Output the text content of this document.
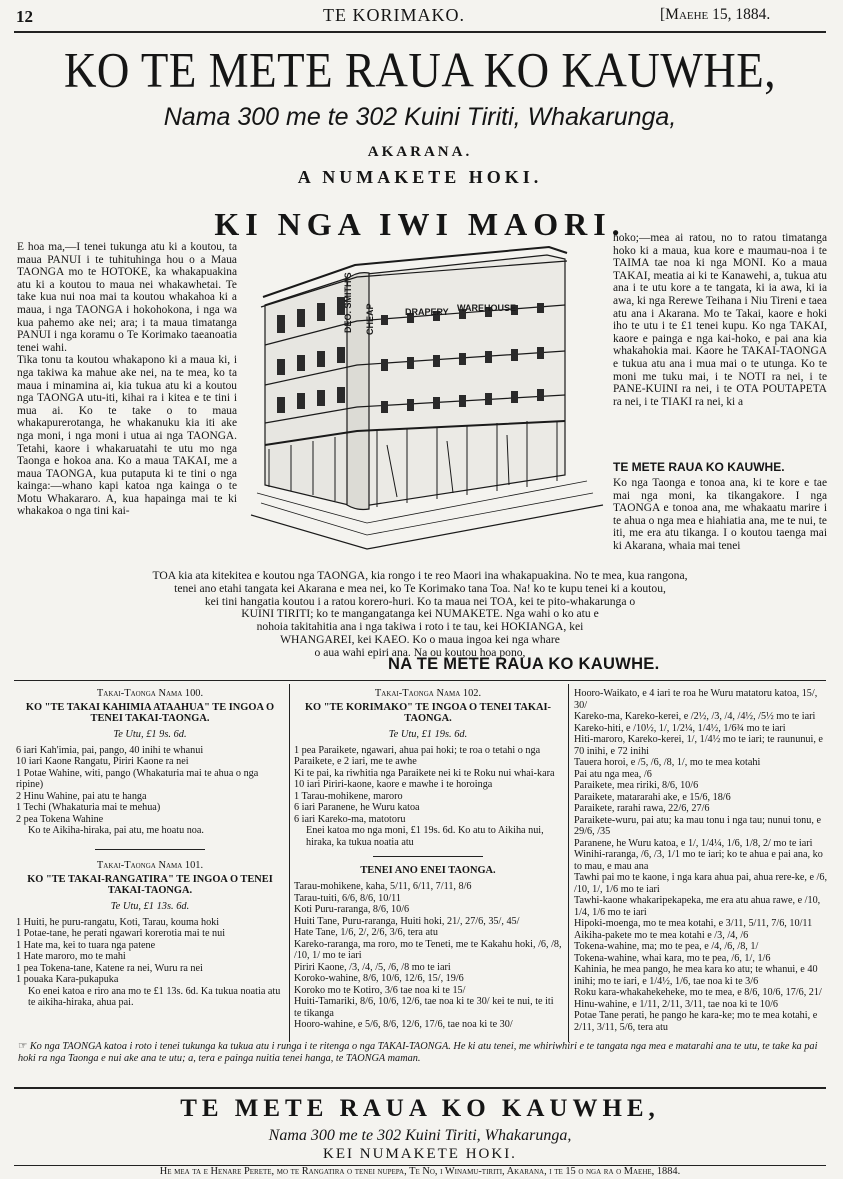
12	TE KORIMAKO.	[Maehe 15, 1884.
KO TE METE RAUA KO KAUWHE,
Nama 300 me te 302 Kuini Tiriti, Whakarunga,
AKARANA.
A NUMAKETE HOKI.
KI NGA IWI MAORI.
E hoa ma,—I tenei tukunga atu ki a koutou, ta maua PANUI i te tuhituhinga hou o a Maua TAONGA mo te HOTOKE, ka whakapuakina atu ki a koutou to maua nei whakawhetai. Te take kua nui noa mai ta koutou whakahoa ki a maua, i nga TAONGA i hokohokona, i nga wa kua pahemo ake nei; ara; i ta maua timatanga PANUI i nga koramu o Te Korimako taeanoatia tenei wahi.
Tika tonu ta koutou whakapono ki a maua ki, i nga takiwa ka mahue ake nei, na te mea, ko ta maua i minamina ai, kia tukua atu ki a koutou nga TAONGA utu-iti, kihai ra i kitea e te tini i mua ai. Ko te take o to maua whakapurerotanga, he whakanuku kia iti ake nga moni, i nga moni i utua ai nga TAONGA. Tetahi, kaore i whakaruatahi te utu mo nga Taonga e hokoa ana. Ko a maua TAKAI, me a maua TAONGA, kua putaputa ki te tini o nga kainga:—whano kapi katoa nga kainga o te Motu Whakararo. A, kua hapainga mai te ki whakakoa o nga tini kai-
DEO. SMITH'S CHEAP	DRAPERY WAREHOUSE
hoko;—mea ai ratou, no to ratou timatanga hoko ki a maua, kua kore e maumau-noa i te TAIMA tae noa ki nga MONI. Ko a maua TAKAI, meatia ai ki te Kanawehi, a, tukua atu ana i te utu kore a te tangata, ki ia awa, ki ia awa, ki nga Rerewe Teihana i Niu Tireni e taea atu ana i Akarana. Mo te Takai, kaore e hoki iho te utu i te £1 tenei kupu. Ko nga TAKAI, kaore e painga e nga kai-hoko, e pai ana kia whakahokia mai. Kaore he TAKAI-TAONGA e tukua atu ana i mua mai o te utunga. Ko te moni me tuku mai, i te NOTI ra nei, i te PANE-KUINI ra nei, i te OTA POUTAPETA ra nei, i te TIAKI ra nei, ki a
TE METE RAUA KO KAUWHE.
Ko nga Taonga e tonoa ana, ki te kore e tae mai nga moni, ka tikangakore. I nga TAONGA e tonoa ana, me whakaatu marire i te ahua o nga mea e hiahiatia ana, me te nui, te iti, me era atu tikanga. I o koutou taenga mai ki Akarana, whaia mai tenei
TOA kia ata kitekitea e koutou nga TAONGA, kia rongo i te reo Maori ina whakapuakina. No te mea, kua rangona,
tenei ano etahi tangata kei Akarana e mea nei, ko Te Korimako tana Toa. Na! ko te kupu tenei ki a koutou,
kei tini hangatia koutou i a ratou korero-huri. Ko ta maua nei TOA, kei te pito-whakarunga o
KUINI TIRITI; ko te mangangatanga kei NUMAKETE. Nga wahi o ko atu e
nohoia takitahitia ana i nga takiwa i roto i te tau, kei HOKIANGA, kei
WHANGAREI, kei KAEO. Ko o maua ingoa kei nga whare
o aua wahi epiri ana. Na ou koutou hoa pono,
NA TE METE RAUA KO KAUWHE.
Takai-Taonga Nama 100.
KO "TE TAKAI KAHIMIA ATAAHUA" TE INGOA O TENEI TAKAI-TAONGA.
Te Utu, £1 9s. 6d.
6 iari Kah'imia, pai, pango, 40 inihi te whanui
10 iari Kaone Rangatu, Piriri Kaone ra nei
1 Potae Wahine, witi, pango (Whakaturia mai te ahua o nga ripine)
2 Hinu Wahine, pai atu te hanga
1 Techi (Whakaturia mai te mehua)
2 pea Tokena Wahine
Ko te Aikiha-hiraka, pai atu, me hoatu noa.
Takai-Taonga Nama 101.
KO "TE TAKAI-RANGATIRA" TE INGOA O TENEI TAKAI-TAONGA.
Te Utu, £1 13s. 6d.
1 Huiti, he puru-rangatu, Koti, Tarau, kouma hoki
1 Potae-tane, he perati ngawari korerotia mai te nui
1 Hate ma, kei to tuara nga patene
1 Hate maroro, mo te mahi
1 pea Tokena-tane, Katene ra nei, Wuru ra nei
1 pouaka Kara-pukapuka
Ko enei katoa e riro ana mo te £1 13s. 6d. Ka tukua noatia atu te aikiha-hiraka, ahua pai.
Takai-Taonga Nama 102.
KO "TE KORIMAKO" TE INGOA O TENEI TAKAI-TAONGA.
Te Utu, £1 19s. 6d.
1 pea Paraikete, ngawari, ahua pai hoki; te roa o tetahi o nga Paraikete, e 2 iari, me te awhe
Ki te pai, ka riwhitia nga Paraikete nei ki te Roku nui whai-kara
10 iari Piriri-kaone, kaore e mawhe i te horoinga
1 Tarau-mohikene, maroro
6 iari Paranene, he Wuru katoa
6 iari Kareko-ma, matotoru
Enei katoa mo nga moni, £1 19s. 6d. Ko atu to Aikiha nui, hiraka, ka tukua noatia atu
TENEI ANO ENEI TAONGA.
Tarau-mohikene, kaha, 5/11, 6/11, 7/11, 8/6
Tarau-tuiti, 6/6, 8/6, 10/11
Koti Puru-raranga, 8/6, 10/6
Huiti Tane, Puru-raranga, Huiti hoki, 21/, 27/6, 35/, 45/
Hate Tane, 1/6, 2/, 2/6, 3/6, tera atu
Kareko-raranga, ma roro, mo te Teneti, me te Kakahu hoki, /6, /8, /10, 1/ mo te iari
Piriri Kaone, /3, /4, /5, /6, /8 mo te iari
Koroko-wahine, 8/6, 10/6, 12/6, 15/, 19/6
Koroko mo te Kotiro, 3/6 tae noa ki te 15/
Huiti-Tamariki, 8/6, 10/6, 12/6, tae noa ki te 30/ kei te nui, te iti te tikanga
Hooro-wahine, e 5/6, 8/6, 12/6, 17/6, tae noa ki te 30/
Hooro-Waikato, e 4 iari te roa he Wuru matatoru katoa, 15/, 30/
Kareko-ma, Kareko-kerei, e /2½, /3, /4, /4½, /5½ mo te iari
Kareko-hiti, e /10½, 1/, 1/2¼, 1/4½, 1/6¾ mo te iari
Hiti-maroro, Kareko-kerei, 1/, 1/4½ mo te iari; te raununui, e 70 inihi, e 72 inihi
Tauera horoi, e /5, /6, /8, 1/, mo te mea kotahi
Pai atu nga mea, /6
Paraikete, mea ririki, 8/6, 10/6
Paraikete, matararahi ake, e 15/6, 18/6
Paraikete, rarahi rawa, 22/6, 27/6
Paraikete-wuru, pai atu; ka mau tonu i nga tau; nunui tonu, e 29/6, /35
Paranene, he Wuru katoa, e 1/, 1/4¼, 1/6, 1/8, 2/ mo te iari
Winihi-raranga, /6, /3, 1/1 mo te iari; ko te ahua e pai ana, ko to mau, e mau ana
Tawhi pai mo te kaone, i nga kara ahua pai, ahua rere-ke, e /6, /10, 1/, 1/6 mo te iari
Tawhi-kaone whakaripekapeka, me era atu ahua rawe, e /10, 1/4, 1/6 mo te iari
Hipoki-moenga, mo te mea kotahi, e 3/11, 5/11, 7/6, 10/11
Aikiha-pakete mo te mea kotahi e /3, /4, /6
Tokena-wahine, ma; mo te pea, e /4, /6, /8, 1/
Tokena-wahine, whai kara, mo te pea, /6, 1/, 1/6
Kahinia, he mea pango, he mea kara ko atu; te whanui, e 40 inihi; mo te iari, e 1/4½, 1/6, tae noa ki te 3/6
Roku kara-whakahekeheke, mo te mea, e 8/6, 10/6, 17/6, 21/
Hinu-wahine, e 1/11, 2/11, 3/11, tae noa ki te 10/6
Potae Tane perati, he pango he kara-ke; mo te mea kotahi, e 2/11, 3/11, 5/6, tera atu
☞ Ko nga TAONGA katoa i roto i tenei tukunga ka tukua atu i runga i te ritenga o nga TAKAI-TAONGA. He ki atu tenei, me whiriwhiri e te tangata nga mea e matarahi ana te utu, te take ka pai hoki ra nga Taonga e nui ake ana te utu; a, tera e painga nuitia tenei hanga, te TAONGA maman.
TE METE RAUA KO KAUWHE,
Nama 300 me te 302 Kuini Tiriti, Whakarunga,
KEI NUMAKETE HOKI.
He mea ta e Henare Perete, mo te Rangatira o tenei nupepa, Te No, i Winamu-tiriti, Akarana, i te 15 o nga ra o Maehe, 1884.
